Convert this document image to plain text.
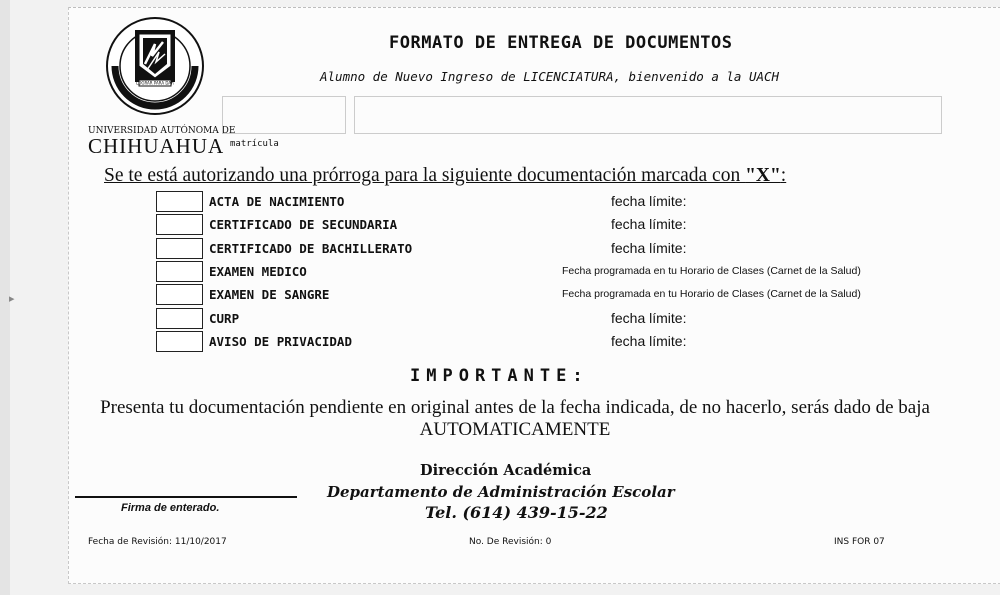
▸
LOGRAR PARA DAR
UNIVERSIDAD AUTÓNOMA DE
CHIHUAHUA matrícula
FORMATO DE ENTREGA DE DOCUMENTOS
Alumno de Nuevo Ingreso de LICENCIATURA, bienvenido a la UACH
Se te está autorizando una prórroga para la siguiente documentación marcada con "X":
ACTA DE NACIMIENTO	fecha límite:
CERTIFICADO DE SECUNDARIA	fecha límite:
CERTIFICADO DE BACHILLERATO	fecha límite:
EXAMEN MEDICO	Fecha programada en tu Horario de Clases (Carnet de la Salud)
EXAMEN DE SANGRE	Fecha programada en tu Horario de Clases (Carnet de la Salud)
CURP	fecha límite:
AVISO DE PRIVACIDAD	fecha límite:
IMPORTANTE:
Presenta tu documentación pendiente en original antes de la fecha indicada, de no hacerlo, serás dado de baja AUTOMATICAMENTE
Firma de enterado.
Dirección Académica
Departamento de Administración Escolar
Tel. (614) 439-15-22
Fecha de Revisión: 11/10/2017	No. De Revisión: 0	INS FOR 07
